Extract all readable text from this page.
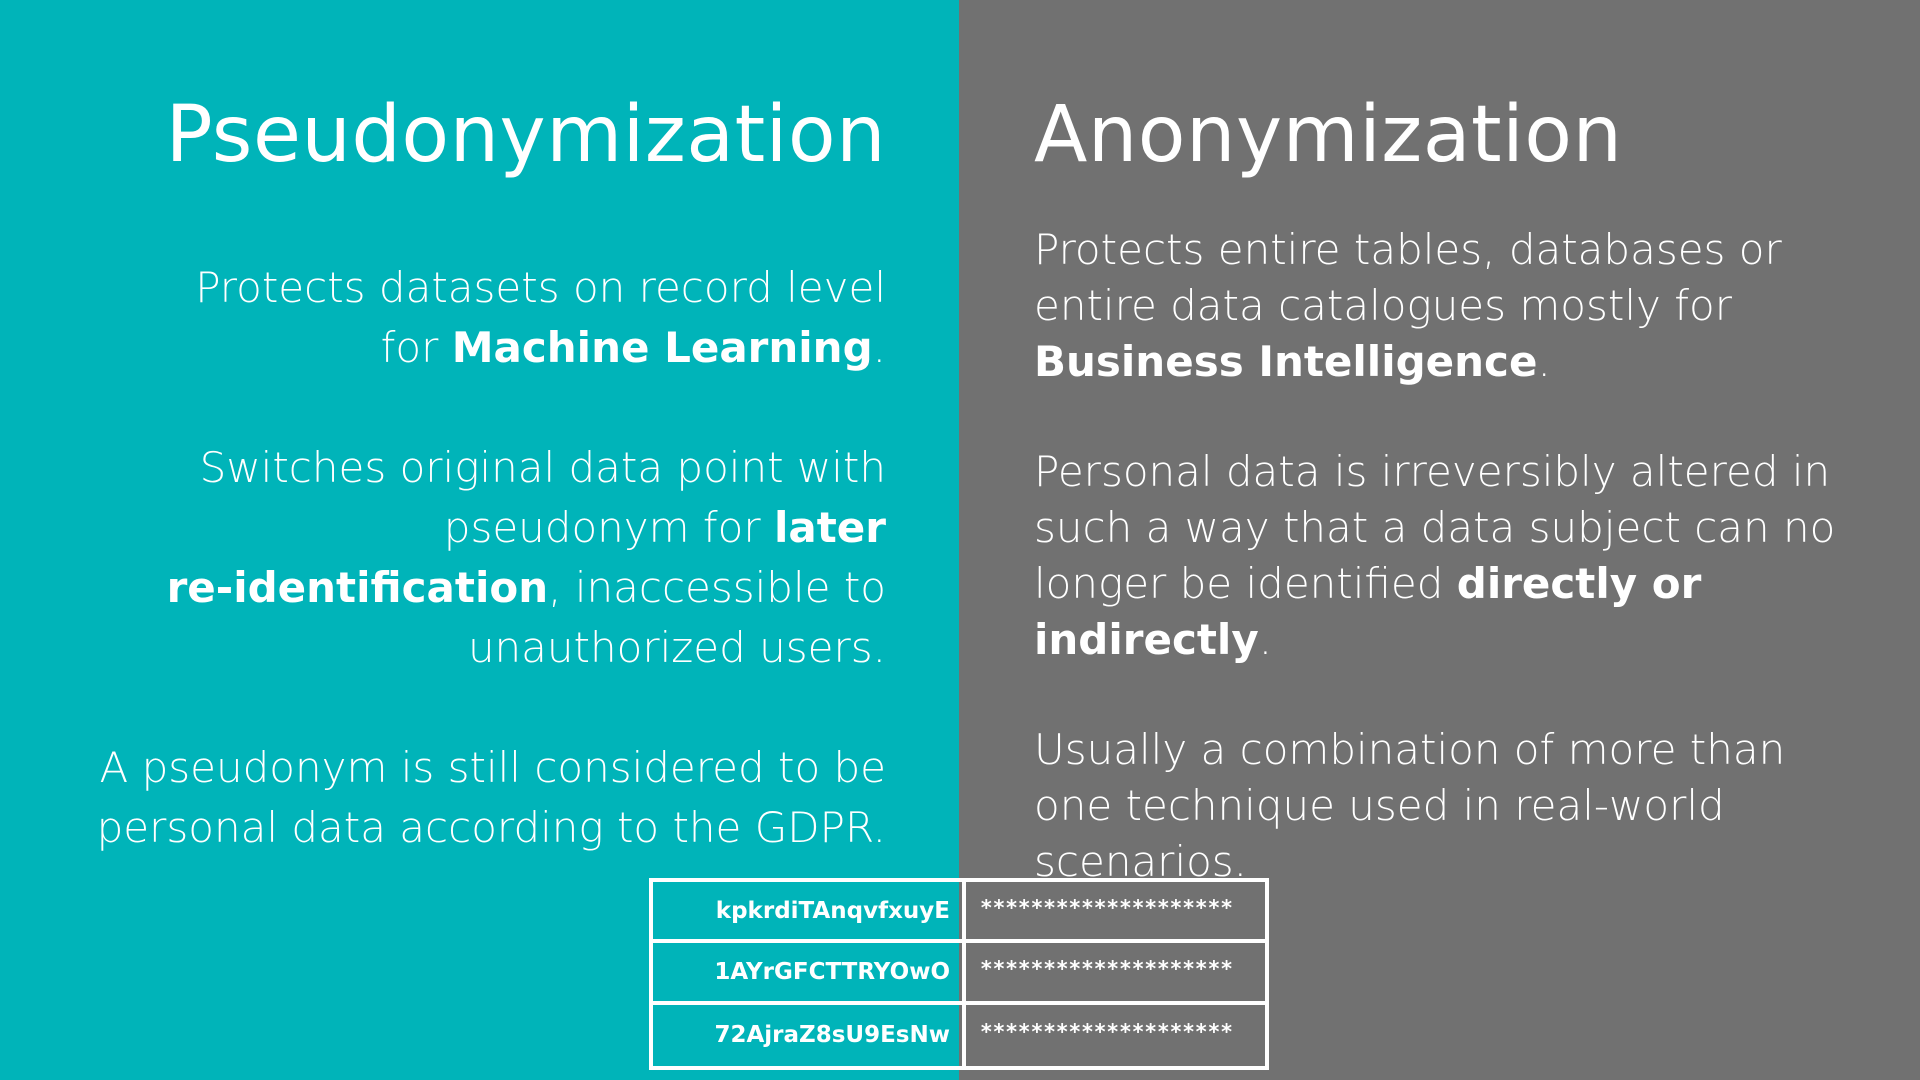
Pseudonymization

Protects datasets on record level
for Machine Learning.

Switches original data point with
pseudonym for later
re-identification, inaccessible to unauthorized users.

A pseudonym is still considered to be personal data according to the GDPR.

Anonymization

Protects entire tables, databases or entire data catalogues mostly for
Business Intelligence.

Personal data is irreversibly altered in such a way that a data subject can no longer be identified directly or indirectly.

Usually a combination of more than one technique used in real-world scenarios.

kpkrdiTAnqvfxuyE	********************
1AYrGFCTTRYOwO	********************
72AjraZ8sU9EsNw	********************
